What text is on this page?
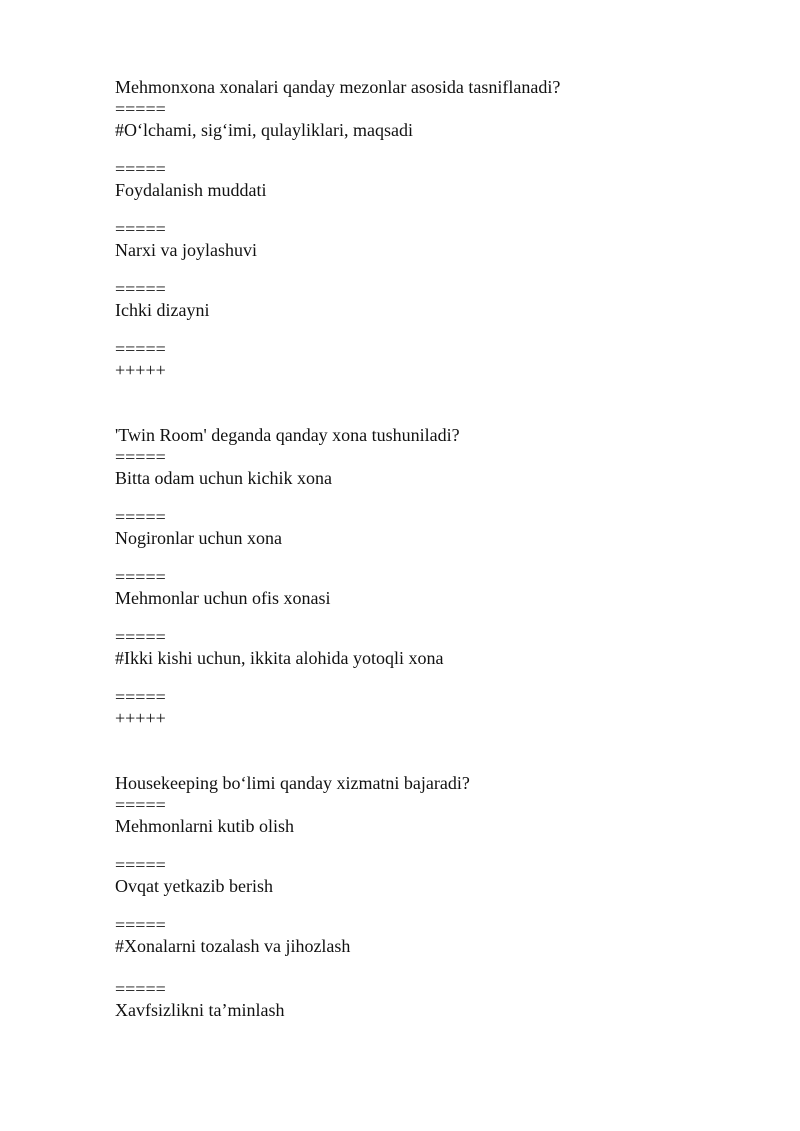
Mehmonxona xonalari qanday mezonlar asosida tasniflanadi?
=====
#O‘lchami, sig‘imi, qulayliklari, maqsadi
=====
Foydalanish muddati
=====
Narxi va joylashuvi
=====
Ichki dizayni
=====
+++++
'Twin Room' deganda qanday xona tushuniladi?
=====
Bitta odam uchun kichik xona
=====
Nogironlar uchun xona
=====
Mehmonlar uchun ofis xonasi
=====
#Ikki kishi uchun, ikkita alohida yotoqli xona
=====
+++++
Housekeeping bo‘limi qanday xizmatni bajaradi?
=====
Mehmonlarni kutib olish
=====
Ovqat yetkazib berish
=====
#Xonalarni tozalash va jihozlash
=====
Xavfsizlikni ta’minlash
